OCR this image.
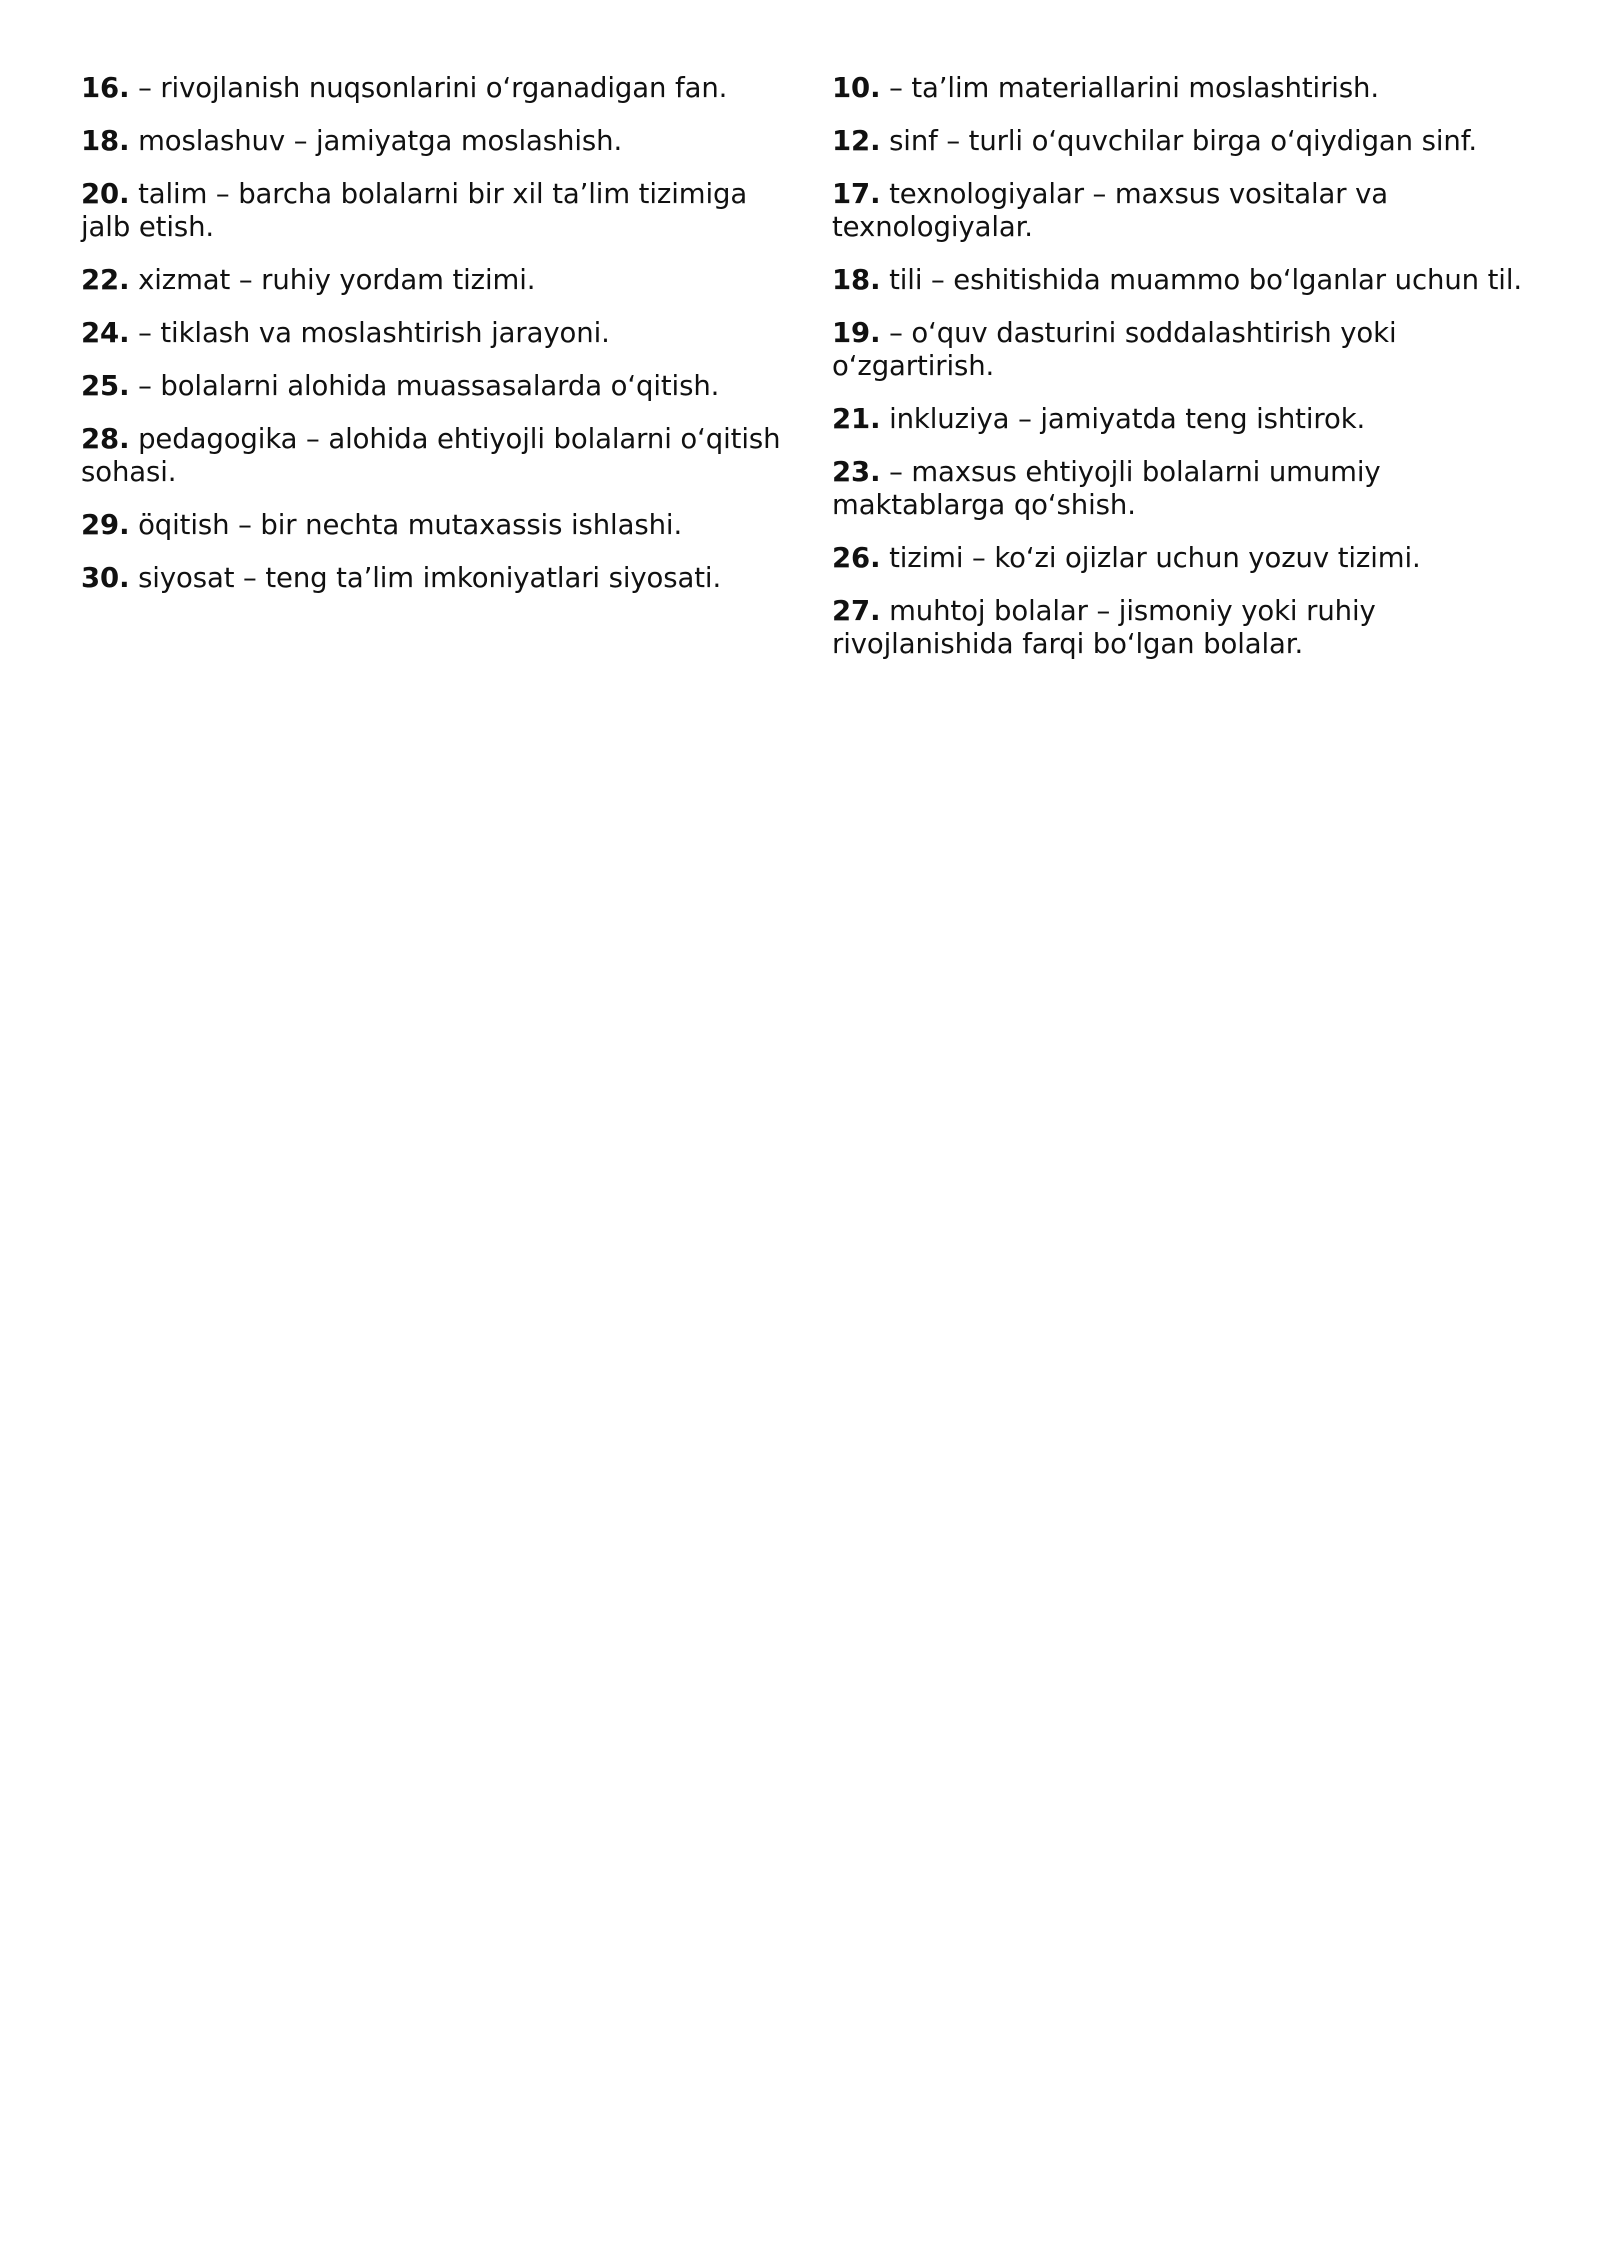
16. – rivojlanish nuqsonlarini o‘rganadigan fan.

18. moslashuv – jamiyatga moslashish.

20. talim – barcha bolalarni bir xil ta’lim tizimiga jalb etish.

22. xizmat – ruhiy yordam tizimi.

24. – tiklash va moslashtirish jarayoni.

25. – bolalarni alohida muassasalarda o‘qitish.

28. pedagogika – alohida ehtiyojli bolalarni o‘qitish sohasi.

29. öqitish – bir nechta mutaxassis ishlashi.

30. siyosat – teng ta’lim imkoniyatlari siyosati.

10. – ta’lim materiallarini moslashtirish.

12. sinf – turli o‘quvchilar birga o‘qiydigan sinf.

17. texnologiyalar – maxsus vositalar va texnologiyalar.

18. tili – eshitishida muammo bo‘lganlar uchun til.

19. – o‘quv dasturini soddalashtirish yoki o‘zgartirish.

21. inkluziya – jamiyatda teng ishtirok.

23. – maxsus ehtiyojli bolalarni umumiy maktablarga qo‘shish.

26. tizimi – ko‘zi ojizlar uchun yozuv tizimi.

27. muhtoj bolalar – jismoniy yoki ruhiy rivojlanishida farqi bo‘lgan bolalar.
